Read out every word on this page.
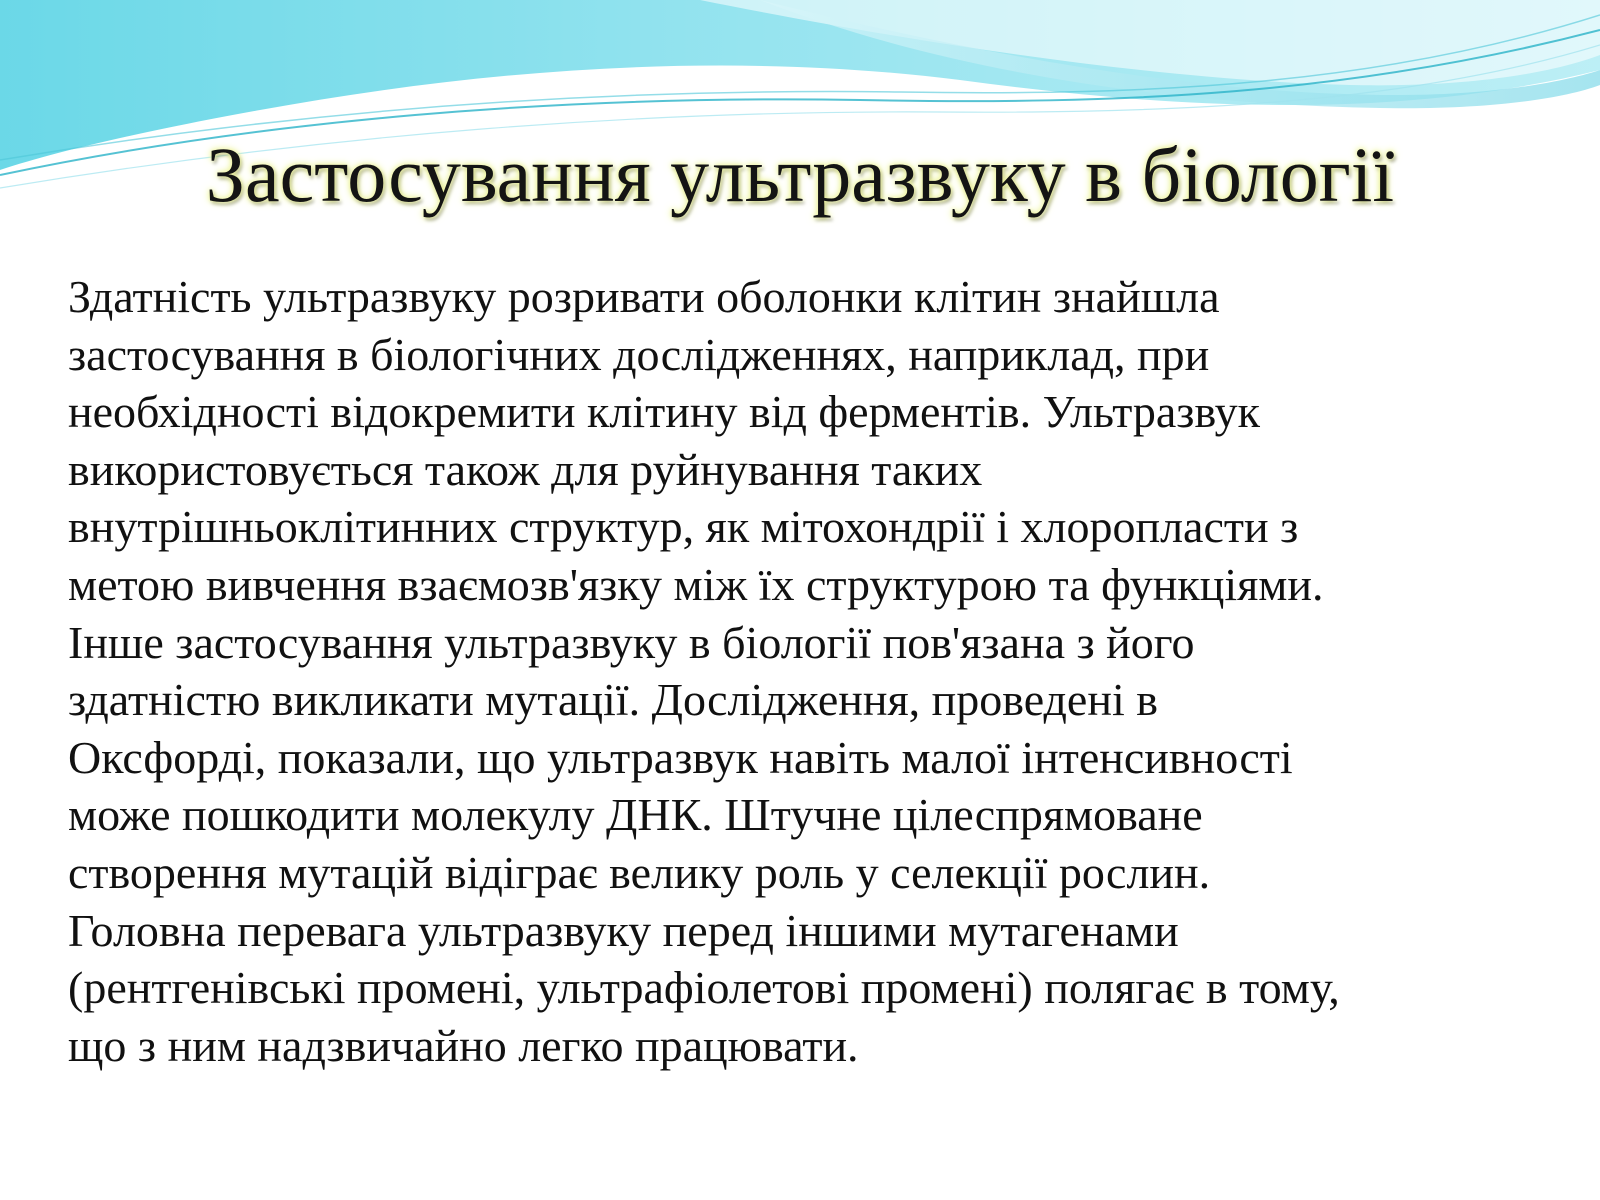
Застосування ультразвуку в біології

Здатність ультразвуку розривати оболонки клітин знайшла
застосування в біологічних дослідженнях, наприклад, при
необхідності відокремити клітину від ферментів. Ультразвук
використовується також для руйнування таких
внутрішньоклітинних структур, як мітохондрії і хлоропласти з
метою вивчення взаємозв'язку між їх структурою та функціями.
Інше застосування ультразвуку в біології пов'язана з його
здатністю викликати мутації. Дослідження, проведені в
Оксфорді, показали, що ультразвук навіть малої інтенсивності
може пошкодити молекулу ДНК. Штучне цілеспрямоване
створення мутацій відіграє велику роль у селекції рослин.
Головна перевага ультразвуку перед іншими мутагенами
(рентгенівські промені, ультрафіолетові промені) полягає в тому,
що з ним надзвичайно легко працювати.
